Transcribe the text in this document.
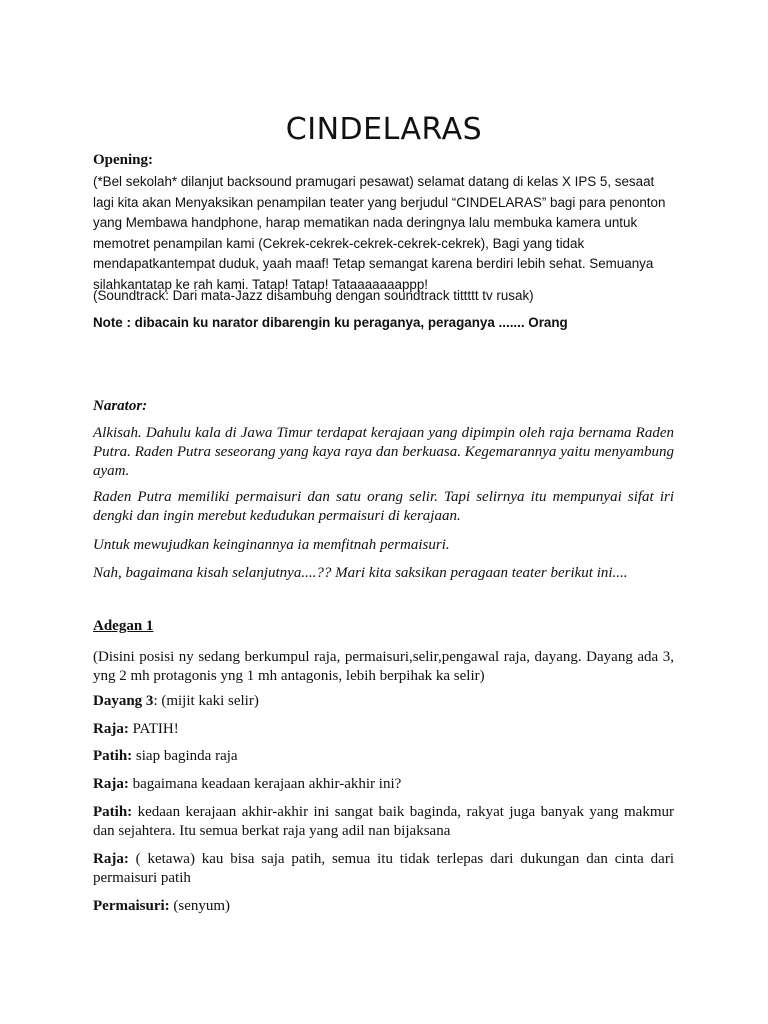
CINDELARAS
Opening:
(*Bel sekolah* dilanjut backsound pramugari pesawat) selamat datang di kelas X IPS 5, sesaat lagi kita akan Menyaksikan penampilan teater yang berjudul “CINDELARAS” bagi para penonton yang Membawa handphone, harap mematikan nada deringnya lalu membuka kamera untuk memotret penampilan kami (Cekrek-cekrek-cekrek-cekrek-cekrek), Bagi yang tidak mendapatkantempat duduk, yaah maaf! Tetap semangat karena berdiri lebih sehat. Semuanya silahkantatap ke rah kami. Tatap! Tatap! Tataaaaaaappp!
(Soundtrack: Dari mata-Jazz disambung dengan soundtrack tittttt tv rusak)
Note : dibacain ku narator dibarengin ku peraganya, peraganya ....... Orang
Narator:
Alkisah. Dahulu kala di Jawa Timur terdapat kerajaan yang dipimpin oleh raja bernama Raden Putra. Raden Putra seseorang yang kaya raya dan berkuasa. Kegemarannya yaitu menyambung ayam.
Raden Putra memiliki permaisuri dan satu orang selir. Tapi selirnya itu mempunyai sifat iri dengki dan ingin merebut kedudukan permaisuri di kerajaan.
Untuk mewujudkan keinginannya ia memfitnah permaisuri.
Nah, bagaimana kisah selanjutnya....?? Mari kita saksikan peragaan teater berikut ini....
Adegan 1
(Disini posisi ny sedang berkumpul raja, permaisuri,selir,pengawal raja, dayang. Dayang ada 3, yng 2 mh protagonis yng 1 mh antagonis, lebih berpihak ka selir)
Dayang 3: (mijit kaki selir)
Raja: PATIH!
Patih: siap baginda raja
Raja: bagaimana keadaan kerajaan akhir-akhir ini?
Patih: kedaan kerajaan akhir-akhir ini sangat baik baginda, rakyat juga banyak yang makmur dan sejahtera. Itu semua berkat raja yang adil nan bijaksana
Raja: ( ketawa) kau bisa saja patih, semua itu tidak terlepas dari dukungan dan cinta dari permaisuri patih
Permaisuri: (senyum)
